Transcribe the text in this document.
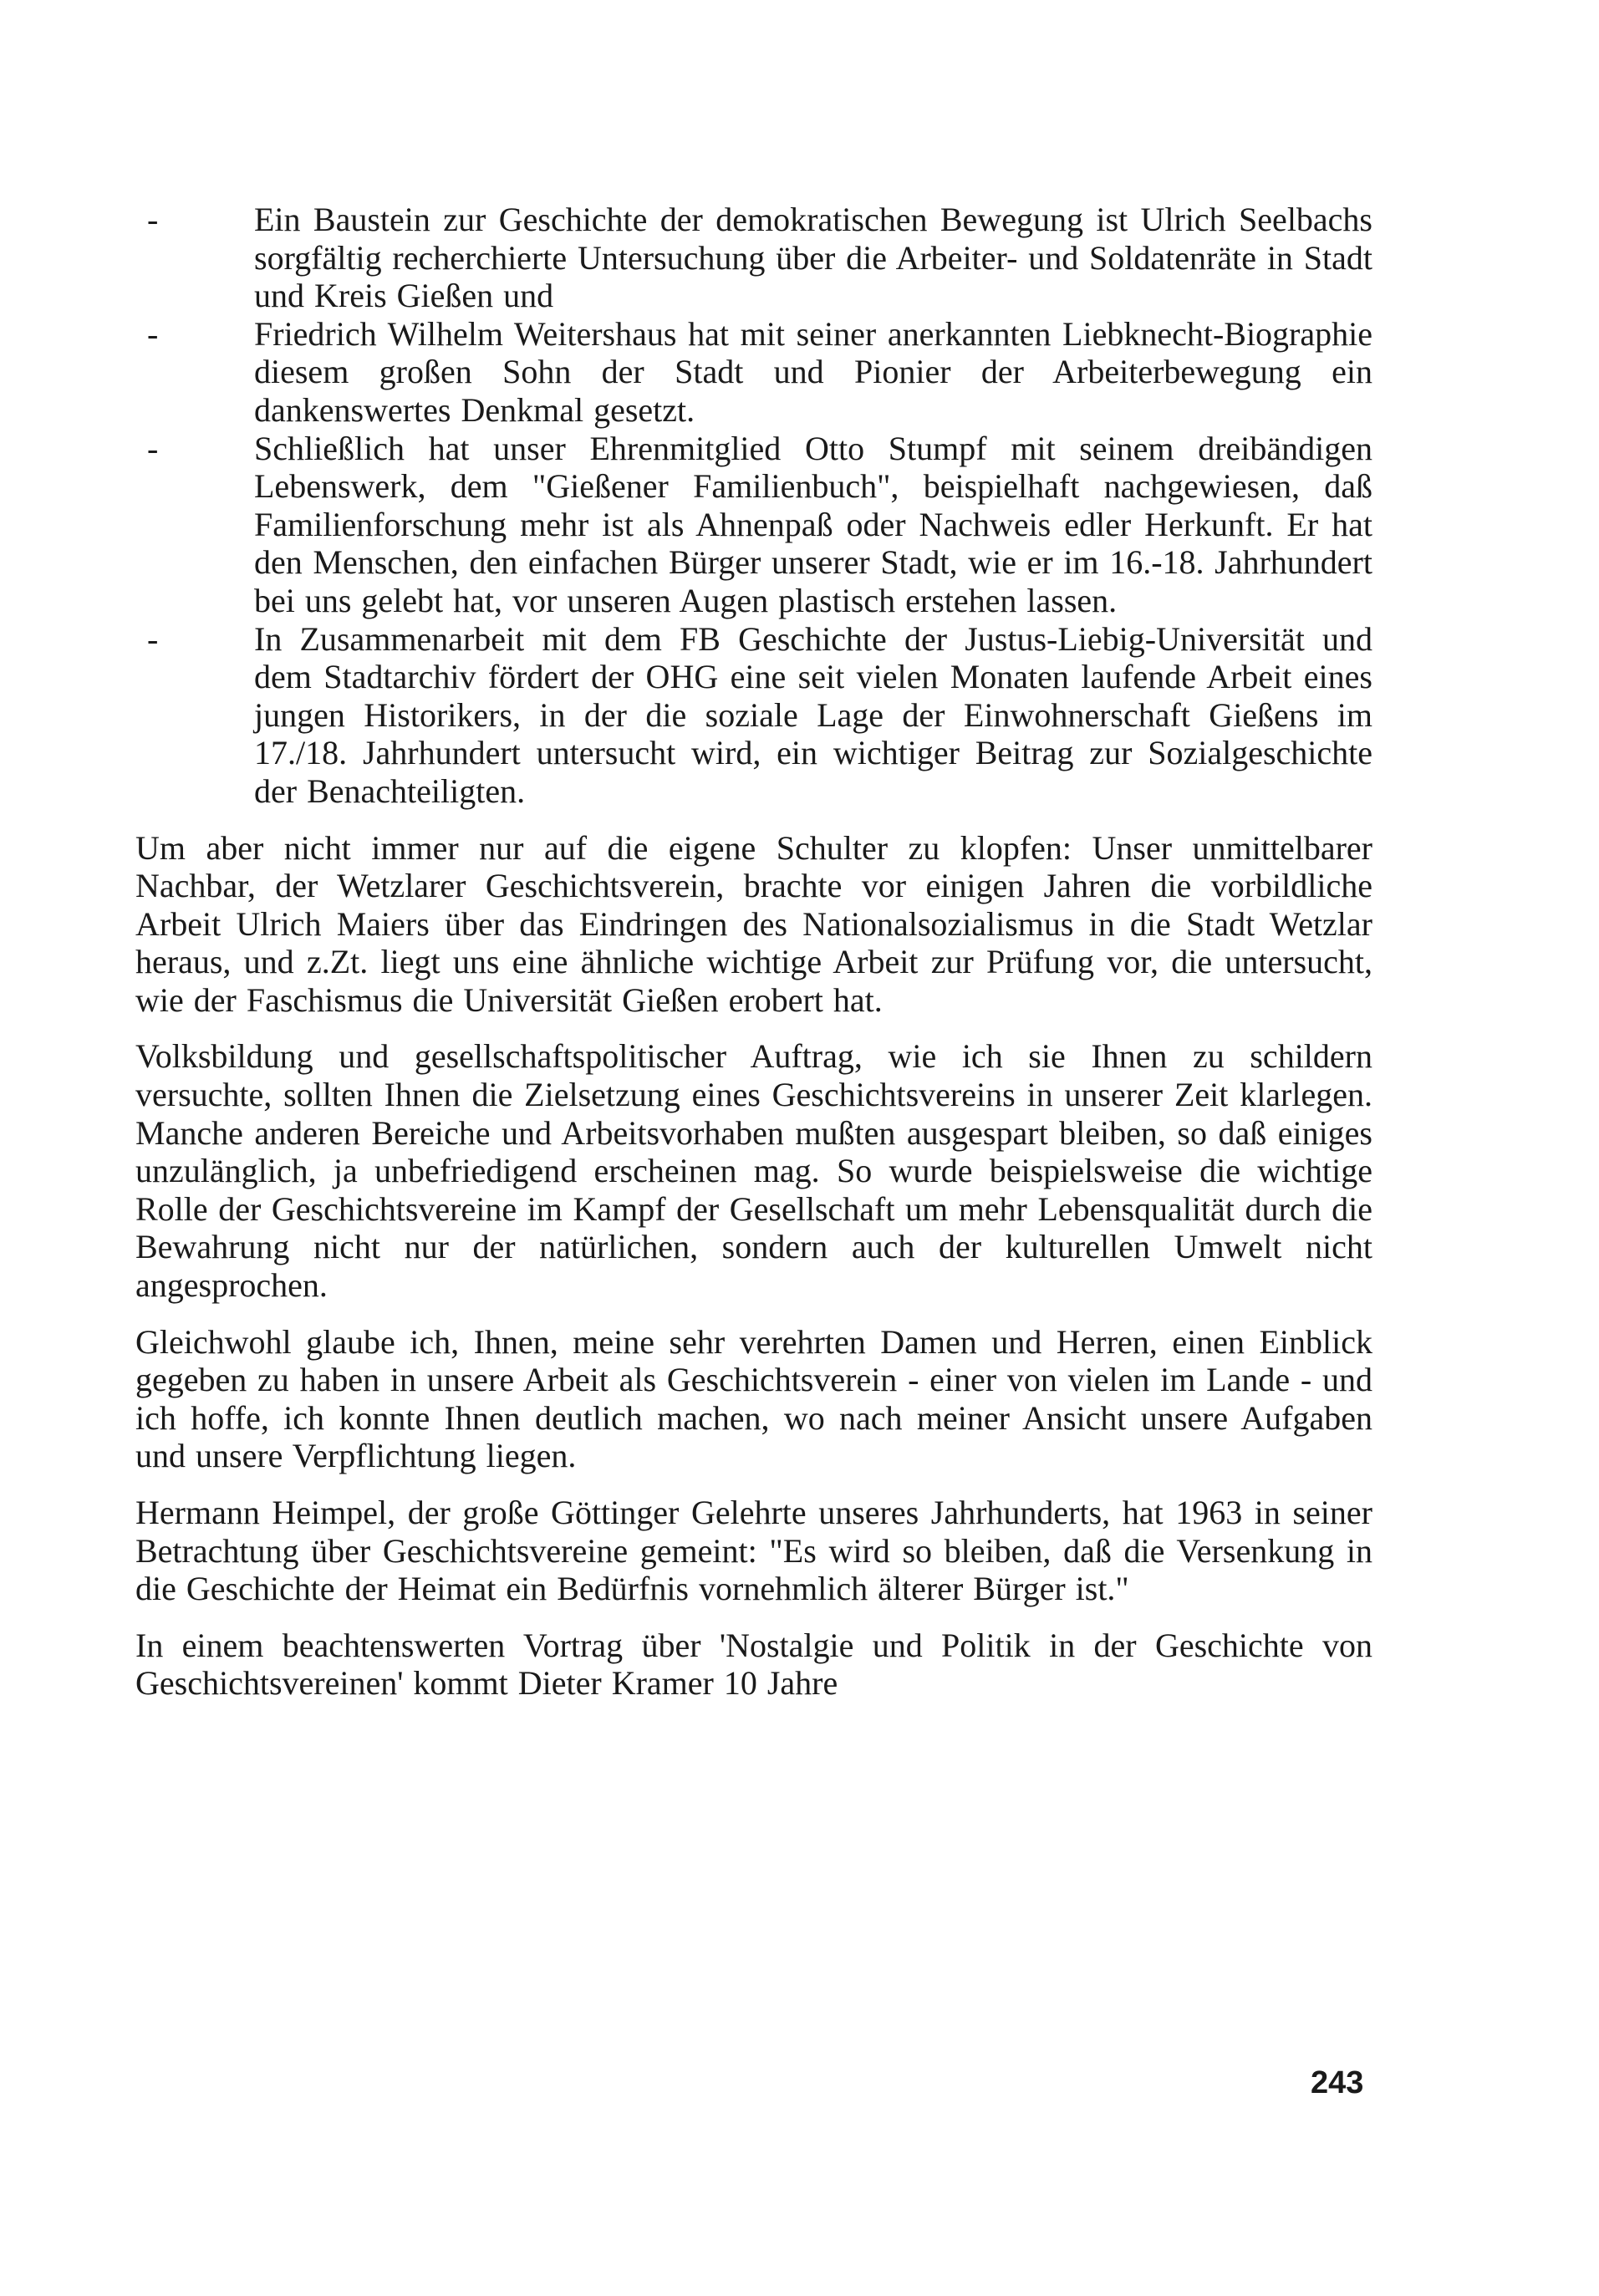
-	Ein Baustein zur Geschichte der demokratischen Bewegung ist Ulrich Seelbachs sorgfältig recherchierte Untersuchung über die Arbeiter- und Soldatenräte in Stadt und Kreis Gießen und

-	Friedrich Wilhelm Weitershaus hat mit seiner anerkannten Liebknecht-Biographie diesem großen Sohn der Stadt und Pionier der Arbeiterbewegung ein dankenswertes Denkmal gesetzt.

-	Schließlich hat unser Ehrenmitglied Otto Stumpf mit seinem dreibändigen Lebenswerk, dem "Gießener Familienbuch", beispielhaft nachgewiesen, daß Familienforschung mehr ist als Ahnenpaß oder Nachweis edler Herkunft. Er hat den Menschen, den einfachen Bürger unserer Stadt, wie er im 16.-18. Jahrhundert bei uns gelebt hat, vor unseren Augen plastisch erstehen lassen.

-	In Zusammenarbeit mit dem FB Geschichte der Justus-Liebig-Universität und dem Stadtarchiv fördert der OHG eine seit vielen Monaten laufende Arbeit eines jungen Historikers, in der die soziale Lage der Einwohnerschaft Gießens im 17./18. Jahrhundert untersucht wird, ein wichtiger Beitrag zur Sozialgeschichte der Benachteiligten.

Um aber nicht immer nur auf die eigene Schulter zu klopfen: Unser unmittelbarer Nachbar, der Wetzlarer Geschichtsverein, brachte vor einigen Jahren die vorbildliche Arbeit Ulrich Maiers über das Eindringen des Nationalsozialismus in die Stadt Wetzlar heraus, und z.Zt. liegt uns eine ähnliche wichtige Arbeit zur Prüfung vor, die untersucht, wie der Faschismus die Universität Gießen erobert hat.

Volksbildung und gesellschaftspolitischer Auftrag, wie ich sie Ihnen zu schildern versuchte, sollten Ihnen die Zielsetzung eines Geschichtsvereins in unserer Zeit klarlegen. Manche anderen Bereiche und Arbeitsvorhaben mußten ausgespart bleiben, so daß einiges unzulänglich, ja unbefriedigend erscheinen mag. So wurde beispielsweise die wichtige Rolle der Geschichtsvereine im Kampf der Gesellschaft um mehr Lebensqualität durch die Bewahrung nicht nur der natürlichen, sondern auch der kulturellen Umwelt nicht angesprochen.

Gleichwohl glaube ich, Ihnen, meine sehr verehrten Damen und Herren, einen Einblick gegeben zu haben in unsere Arbeit als Geschichtsverein - einer von vielen im Lande - und ich hoffe, ich konnte Ihnen deutlich machen, wo nach meiner Ansicht unsere Aufgaben und unsere Verpflichtung liegen.

Hermann Heimpel, der große Göttinger Gelehrte unseres Jahrhunderts, hat 1963 in seiner Betrachtung über Geschichtsvereine gemeint: "Es wird so bleiben, daß die Versenkung in die Geschichte der Heimat ein Bedürfnis vornehmlich älterer Bürger ist."

In einem beachtenswerten Vortrag über 'Nostalgie und Politik in der Geschichte von Geschichtsvereinen' kommt Dieter Kramer 10 Jahre

243
